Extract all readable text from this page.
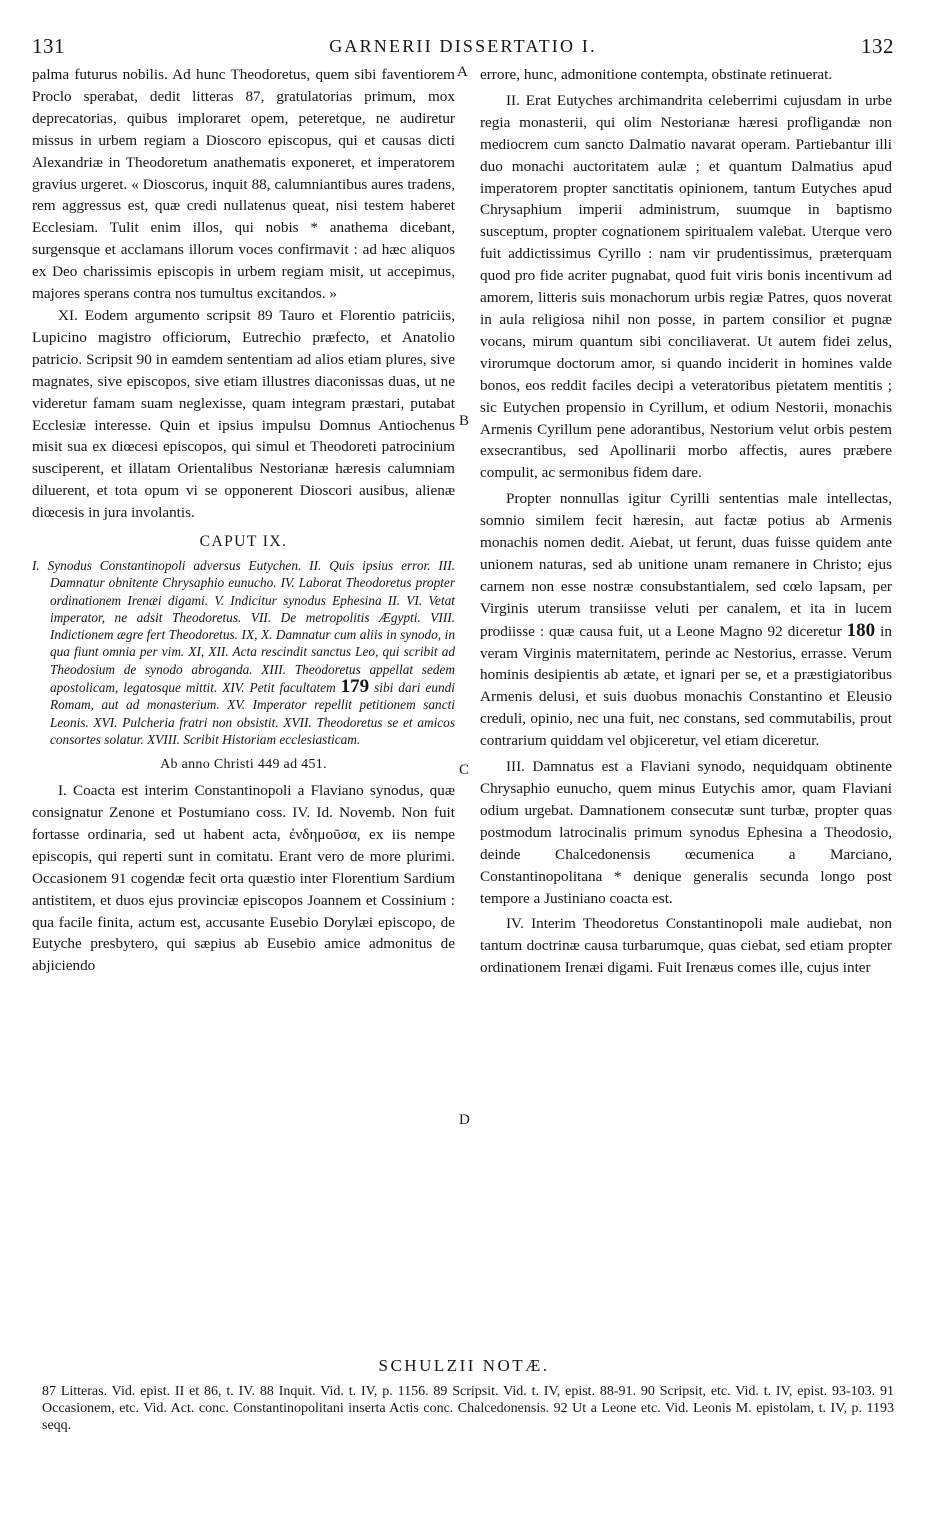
131	GARNERII DISSERTATIO I.	132
A
B
C
D

palma futurus nobilis. Ad hunc Theodoretus, quem sibi faventiorem Proclo sperabat, dedit litteras 87, gratulatorias primum, mox deprecatorias, quibus imploraret opem, peteretque, ne audiretur missus in urbem regiam a Dioscoro episcopus, qui et causas dicti Alexandriæ in Theodoretum anathematis exponeret, et imperatorem gravius urgeret. « Dioscorus, inquit 88, calumniantibus aures tradens, rem aggressus est, quæ credi nullatenus queat, nisi testem haberet Ecclesiam. Tulit enim illos, qui nobis * anathema dicebant, surgensque et acclamans illorum voces confirmavit : ad hæc aliquos ex Deo charissimis episcopis in urbem regiam misit, ut accepimus, majores sperans contra nos tumultus excitandos. »

XI. Eodem argumento scripsit 89 Tauro et Florentio patriciis, Lupicino magistro officiorum, Eutrechio præfecto, et Anatolio patricio. Scripsit 90 in eamdem sententiam ad alios etiam plures, sive magnates, sive episcopos, sive etiam illustres diaconissas duas, ut ne videretur famam suam neglexisse, quam integram præstari, putabat Ecclesiæ interesse. Quin et ipsius impulsu Domnus Antiochenus misit sua ex diœcesi episcopos, qui simul et Theodoreti patrocinium susciperent, et illatam Orientalibus Nestorianæ hæresis calumniam diluerent, et tota opum vi se opponerent Dioscori ausibus, alienæ diœcesis in jura involantis.

CAPUT IX.
I. Synodus Constantinopoli adversus Eutychen. II. Quis ipsius error. III. Damnatur obnitente Chrysaphio eunucho. IV. Laborat Theodoretus propter ordinationem Irenæi digami. V. Indicitur synodus Ephesina II. VI. Vetat imperator, ne adsit Theodoretus. VII. De metropolitis Ægypti. VIII. Indictionem ægre fert Theodoretus. IX, X. Damnatur cum aliis in synodo, in qua fiunt omnia per vim. XI, XII. Acta rescindit sanctus Leo, qui scribit ad Theodosium de synodo abroganda. XIII. Theodoretus appellat sedem apostolicam, legatosque mittit. XIV. Petit facultatem 179 sibi dari eundi Romam, aut ad monasterium. XV. Imperator repellit petitionem sancti Leonis. XVI. Pulcheria fratri non obsistit. XVII. Theodoretus se et amicos consortes solatur. XVIII. Scribit Historiam ecclesiasticam.
Ab anno Christi 449 ad 451.

I. Coacta est interim Constantinopoli a Flaviano synodus, quæ consignatur Zenone et Postumiano coss. IV. Id. Novemb. Non fuit fortasse ordinaria, sed ut habent acta, ἐνδημοῦσα, ex iis nempe episcopis, qui reperti sunt in comitatu. Erant vero de more plurimi. Occasionem 91 cogendæ fecit orta quæstio inter Florentium Sardium antistitem, et duos ejus provinciæ episcopos Joannem et Cossinium : qua facile finita, actum est, accusante Eusebio Dorylæi episcopo, de Eutyche presbytero, qui sæpius ab Eusebio amice admonitus de abjiciendo

errore, hunc, admonitione contempta, obstinate retinuerat.

II. Erat Eutyches archimandrita celeberrimi cujusdam in urbe regia monasterii, qui olim Nestorianæ hæresi profligandæ non mediocrem cum sancto Dalmatio navarat operam. Partiebantur illi duo monachi auctoritatem aulæ ; et quantum Dalmatius apud imperatorem propter sanctitatis opinionem, tantum Eutyches apud Chrysaphium imperii administrum, suumque in baptismo susceptum, propter cognationem spiritualem valebat. Uterque vero fuit addictissimus Cyrillo : nam vir prudentissimus, præterquam quod pro fide acriter pugnabat, quod fuit viris bonis incentivum ad amorem, litteris suis monachorum urbis regiæ Patres, quos noverat in aula religiosa nihil non posse, in partem consilior et pugnæ vocans, mirum quantum sibi conciliaverat. Ut autem fidei zelus, virorumque doctorum amor, si quando inciderit in homines valde bonos, eos reddit faciles decipi a veteratoribus pietatem mentitis ; sic Eutychen propensio in Cyrillum, et odium Nestorii, monachis Armenis Cyrillum pene adorantibus, Nestorium velut orbis pestem exsecrantibus, sed Apollinarii morbo affectis, aures præbere compulit, ac sermonibus fidem dare.

Propter nonnullas igitur Cyrilli sententias male intellectas, somnio similem fecit hæresin, aut factæ potius ab Armenis monachis nomen dedit. Aiebat, ut ferunt, duas fuisse quidem ante unionem naturas, sed ab unitione unam remanere in Christo; ejus carnem non esse nostræ consubstantialem, sed cœlo lapsam, per Virginis uterum transiisse veluti per canalem, et ita in lucem prodiisse : quæ causa fuit, ut a Leone Magno 92 diceretur 180 in veram Virginis maternitatem, perinde ac Nestorius, errasse. Verum hominis desipientis ab ætate, et ignari per se, et a præstigiatoribus Armenis delusi, et suis duobus monachis Constantino et Eleusio creduli, opinio, nec una fuit, nec constans, sed commutabilis, prout contrarium quiddam vel objiceretur, vel etiam diceretur.

III. Damnatus est a Flaviani synodo, nequidquam obtinente Chrysaphio eunucho, quem minus Eutychis amor, quam Flaviani odium urgebat. Damnationem consecutæ sunt turbæ, propter quas postmodum latrocinalis primum synodus Ephesina a Theodosio, deinde Chalcedonensis œcumenica a Marciano, Constantinopolitana * denique generalis secunda longo post tempore a Justiniano coacta est.

IV. Interim Theodoretus Constantinopoli male audiebat, non tantum doctrinæ causa turbarumque, quas ciebat, sed etiam propter ordinationem Irenæi digami. Fuit Irenæus comes ille, cujus inter

SCHULZII NOTÆ.
87 Litteras. Vid. epist. II et 86, t. IV. 88 Inquit. Vid. t. IV, p. 1156. 89 Scripsit. Vid. t. IV, epist. 88-91. 90 Scripsit, etc. Vid. t. IV, epist. 93-103. 91 Occasionem, etc. Vid. Act. conc. Constantinopolitani inserta Actis conc. Chalcedonensis. 92 Ut a Leone etc. Vid. Leonis M. epistolam, t. IV, p. 1193 seqq.
